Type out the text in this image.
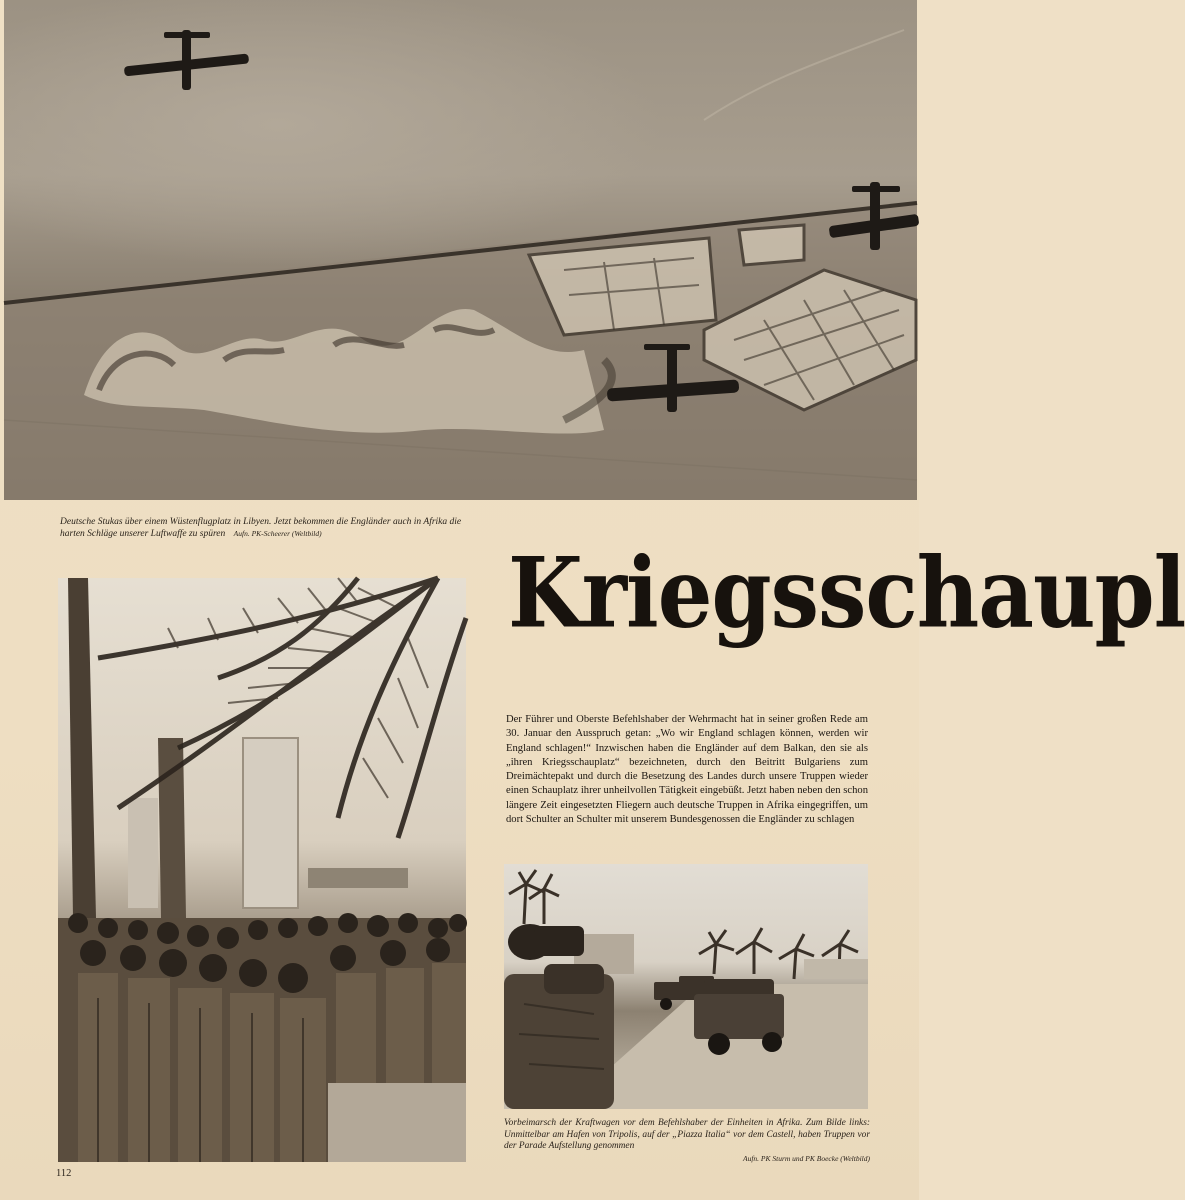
Deutsche Stukas über einem Wüstenflugplatz in Libyen. Jetzt bekommen die Engländer auch in Afrika die harten Schläge unserer Luftwaffe zu spüren Aufn. PK-Scheerer (Weltbild)
Kriegsschaupl

Der Führer und Oberste Befehlshaber der Wehrmacht hat in seiner großen Rede am 30. Januar den Ausspruch getan: „Wo wir England schlagen können, werden wir England schlagen!“ Inzwischen haben die Engländer auf dem Balkan, den sie als „ihren Kriegsschauplatz“ bezeichneten, durch den Beitritt Bulgariens zum Dreimächtepakt und durch die Besetzung des Landes durch unsere Truppen wieder einen Schauplatz ihrer unheilvollen Tätigkeit eingebüßt. Jetzt haben neben den schon längere Zeit eingesetzten Fliegern auch deutsche Truppen in Afrika eingegriffen, um dort Schulter an Schulter mit unserem Bundesgenossen die Engländer zu schlagen

Vorbeimarsch der Kraftwagen vor dem Befehlshaber der Einheiten in Afrika. Zum Bilde links: Unmittelbar am Hafen von Tripolis, auf der „Piazza Italia“ vor dem Castell, haben Truppen vor der Parade Aufstellung genommen
Aufn. PK Sturm und PK Boecke (Weltbild)
112
